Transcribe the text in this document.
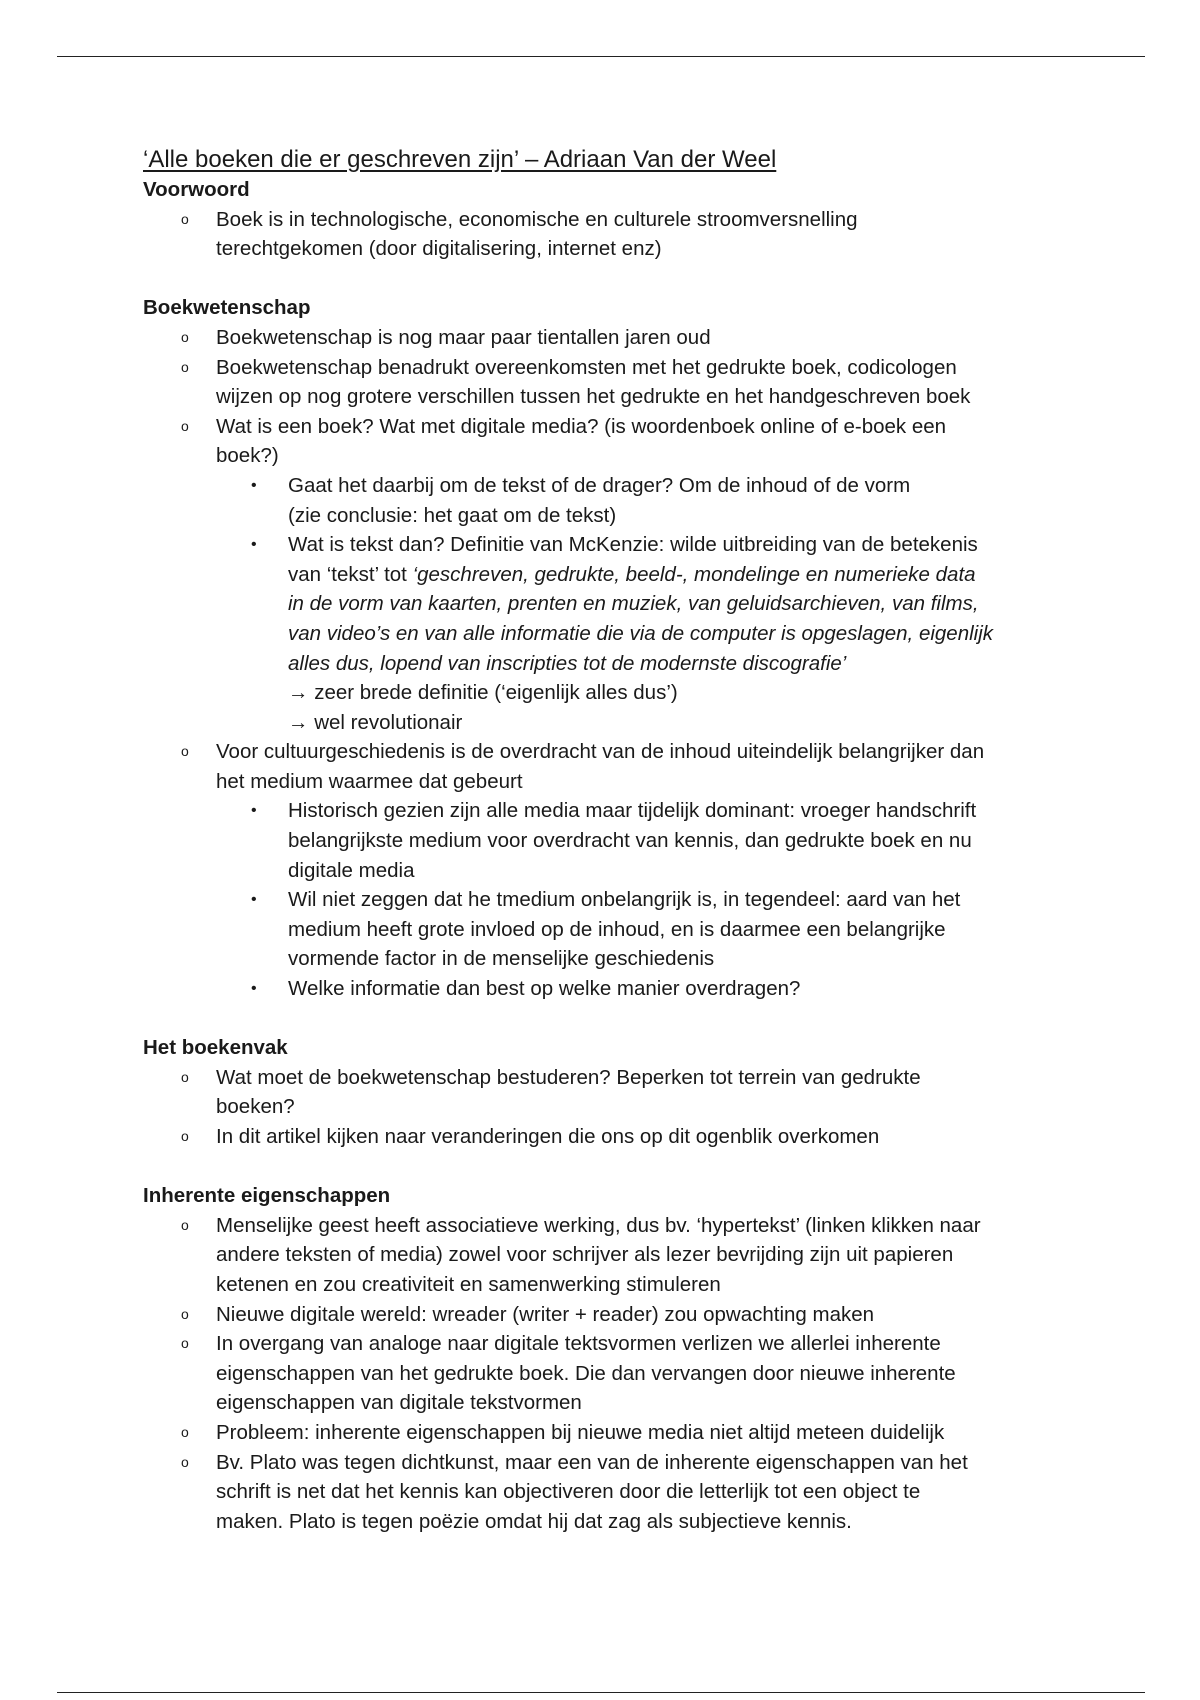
‘Alle boeken die er geschreven zijn’ – Adriaan Van der Weel
Voorwoord
o Boek is in technologische, economische en culturele stroomversnelling
terechtgekomen (door digitalisering, internet enz)
Boekwetenschap
o Boekwetenschap is nog maar paar tientallen jaren oud
o Boekwetenschap benadrukt overeenkomsten met het gedrukte boek, codicologen
wijzen op nog grotere verschillen tussen het gedrukte en het handgeschreven boek
o Wat is een boek? Wat met digitale media? (is woordenboek online of e-boek een
boek?)
• Gaat het daarbij om de tekst of de drager? Om de inhoud of de vorm
(zie conclusie: het gaat om de tekst)
• Wat is tekst dan? Definitie van McKenzie: wilde uitbreiding van de betekenis
van ‘tekst’ tot ‘geschreven, gedrukte, beeld-, mondelinge en numerieke data
in de vorm van kaarten, prenten en muziek, van geluidsarchieven, van films,
van video’s en van alle informatie die via de computer is opgeslagen, eigenlijk
alles dus, lopend van inscripties tot de modernste discografie’
→ zeer brede definitie (‘eigenlijk alles dus’)
→ wel revolutionair
o Voor cultuurgeschiedenis is de overdracht van de inhoud uiteindelijk belangrijker dan
het medium waarmee dat gebeurt
• Historisch gezien zijn alle media maar tijdelijk dominant: vroeger handschrift
belangrijkste medium voor overdracht van kennis, dan gedrukte boek en nu
digitale media
• Wil niet zeggen dat he tmedium onbelangrijk is, in tegendeel: aard van het
medium heeft grote invloed op de inhoud, en is daarmee een belangrijke
vormende factor in de menselijke geschiedenis
• Welke informatie dan best op welke manier overdragen?
Het boekenvak
o Wat moet de boekwetenschap bestuderen? Beperken tot terrein van gedrukte
boeken?
o In dit artikel kijken naar veranderingen die ons op dit ogenblik overkomen
Inherente eigenschappen
o Menselijke geest heeft associatieve werking, dus bv. ‘hypertekst’ (linken klikken naar
andere teksten of media) zowel voor schrijver als lezer bevrijding zijn uit papieren
ketenen en zou creativiteit en samenwerking stimuleren
o Nieuwe digitale wereld: wreader (writer + reader) zou opwachting maken
o In overgang van analoge naar digitale tektsvormen verlizen we allerlei inherente
eigenschappen van het gedrukte boek. Die dan vervangen door nieuwe inherente
eigenschappen van digitale tekstvormen
o Probleem: inherente eigenschappen bij nieuwe media niet altijd meteen duidelijk
o Bv. Plato was tegen dichtkunst, maar een van de inherente eigenschappen van het
schrift is net dat het kennis kan objectiveren door die letterlijk tot een object te
maken. Plato is tegen poëzie omdat hij dat zag als subjectieve kennis.
